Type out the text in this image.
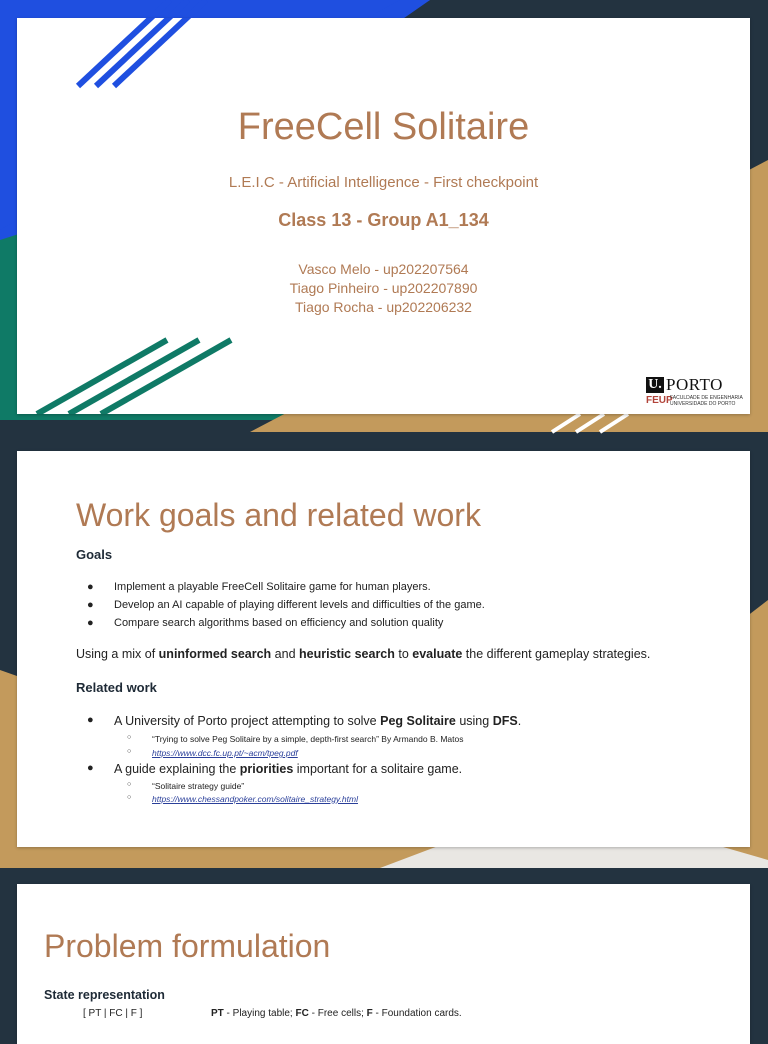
FreeCell Solitaire
L.E.I.C - Artificial Intelligence - First checkpoint
Class 13 - Group A1_134
Vasco Melo - up202207564
Tiago Pinheiro - up202207890
Tiago Rocha - up202206232
U. PORTO
FEUP
FACULDADE DE ENGENHARIA
UNIVERSIDADE DO PORTO
Work goals and related work
Goals
● Implement a playable FreeCell Solitaire game for human players.
● Develop an AI capable of playing different levels and difficulties of the game.
● Compare search algorithms based on efficiency and solution quality
Using a mix of uninformed search and heuristic search to evaluate the different gameplay strategies.
Related work
● A University of Porto project attempting to solve Peg Solitaire using DFS.
○ “Trying to solve Peg Solitaire by a simple, depth-first search” By Armando B. Matos
○ https://www.dcc.fc.up.pt/~acm/tpeg.pdf
● A guide explaining the priorities important for a solitaire game.
○ “Solitaire strategy guide”
○ https://www.chessandpoker.com/solitaire_strategy.html
Problem formulation
State representation
[ PT | FC | F ]	PT - Playing table; FC - Free cells; F - Foundation cards.
